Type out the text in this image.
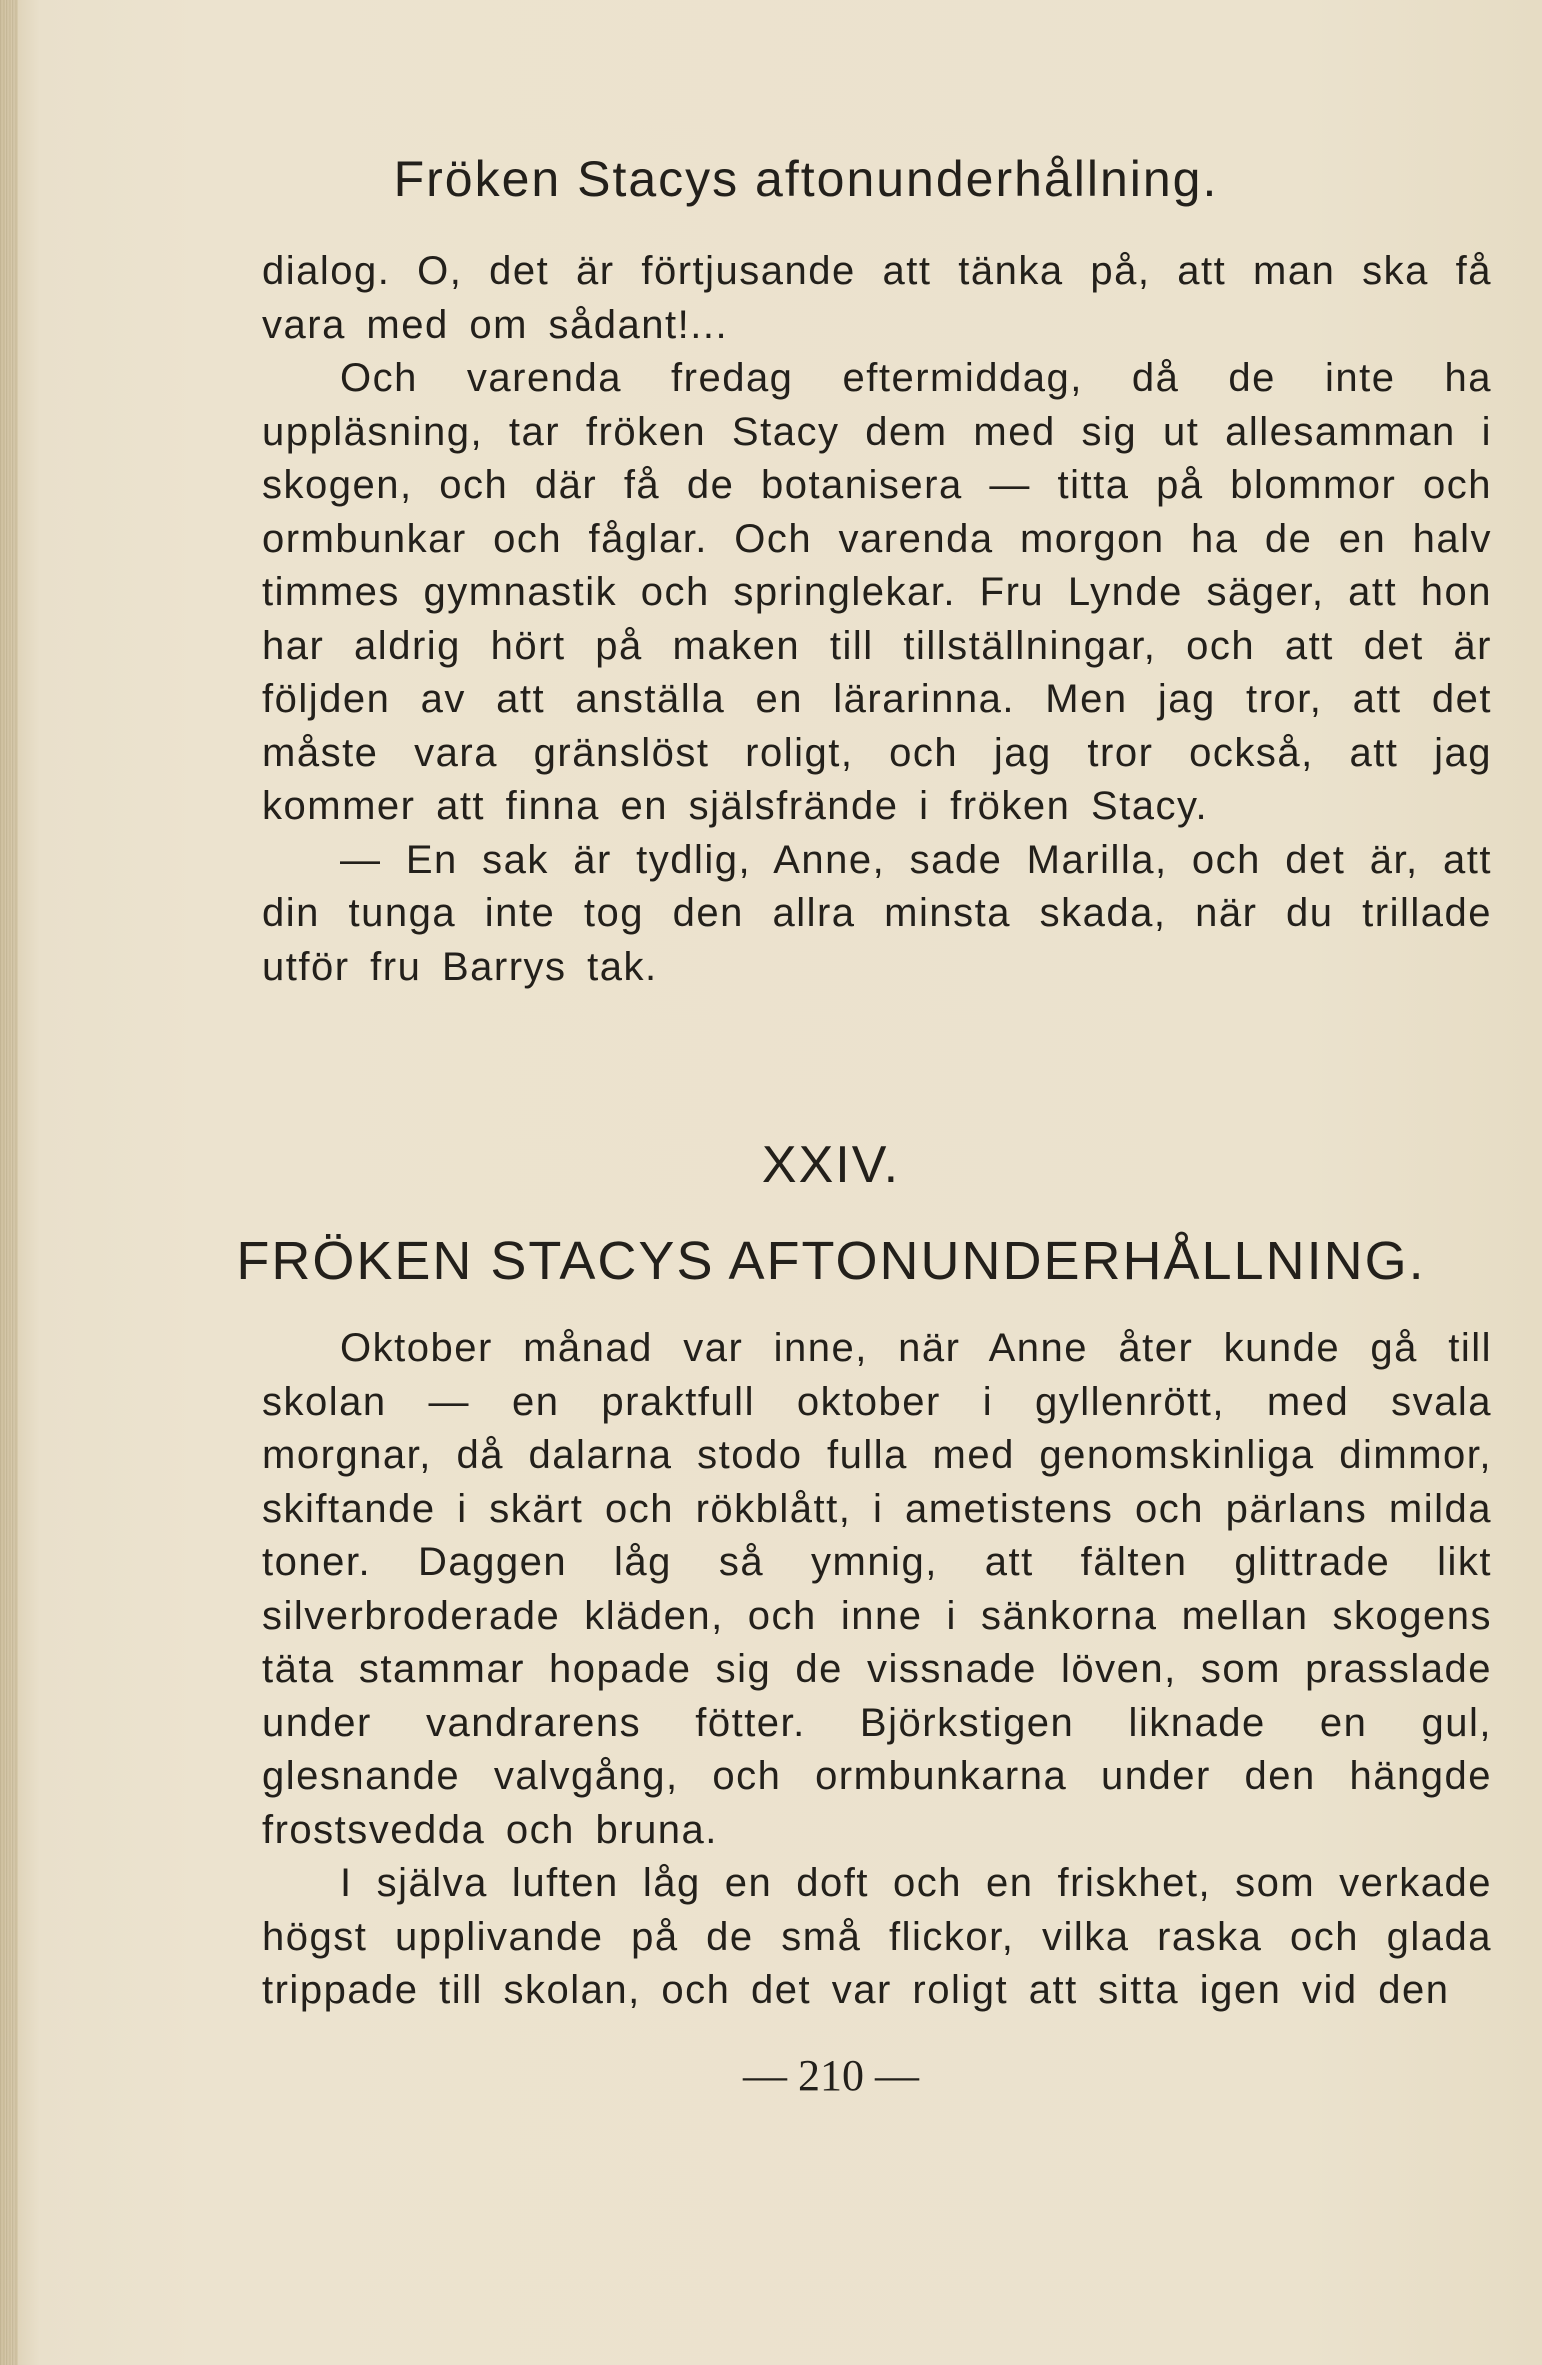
Fröken Stacys aftonunderhållning.

dialog. O, det är förtjusande att tänka på, att man ska få vara med om sådant!...

Och varenda fredag eftermiddag, då de inte ha uppläsning, tar fröken Stacy dem med sig ut allesamman i skogen, och där få de botanisera — titta på blommor och ormbunkar och fåglar. Och varenda morgon ha de en halv timmes gymnastik och springlekar. Fru Lynde säger, att hon har aldrig hört på maken till tillställningar, och att det är följden av att anställa en lärarinna. Men jag tror, att det måste vara gränslöst roligt, och jag tror också, att jag kommer att finna en själsfrände i fröken Stacy.

— En sak är tydlig, Anne, sade Marilla, och det är, att din tunga inte tog den allra minsta skada, när du trillade utför fru Barrys tak.

XXIV.
FRÖKEN STACYS AFTONUNDERHÅLLNING.

Oktober månad var inne, när Anne åter kunde gå till skolan — en praktfull oktober i gyllenrött, med svala morgnar, då dalarna stodo fulla med genomskinliga dimmor, skiftande i skärt och rökblått, i ametistens och pärlans milda toner. Daggen låg så ymnig, att fälten glittrade likt silverbroderade kläden, och inne i sänkorna mellan skogens täta stammar hopade sig de vissnade löven, som prasslade under vandrarens fötter. Björkstigen liknade en gul, glesnande valvgång, och ormbunkarna under den hängde frostsvedda och bruna.

I själva luften låg en doft och en friskhet, som verkade högst upplivande på de små flickor, vilka raska och glada trippade till skolan, och det var roligt att sitta igen vid den

— 210 —
